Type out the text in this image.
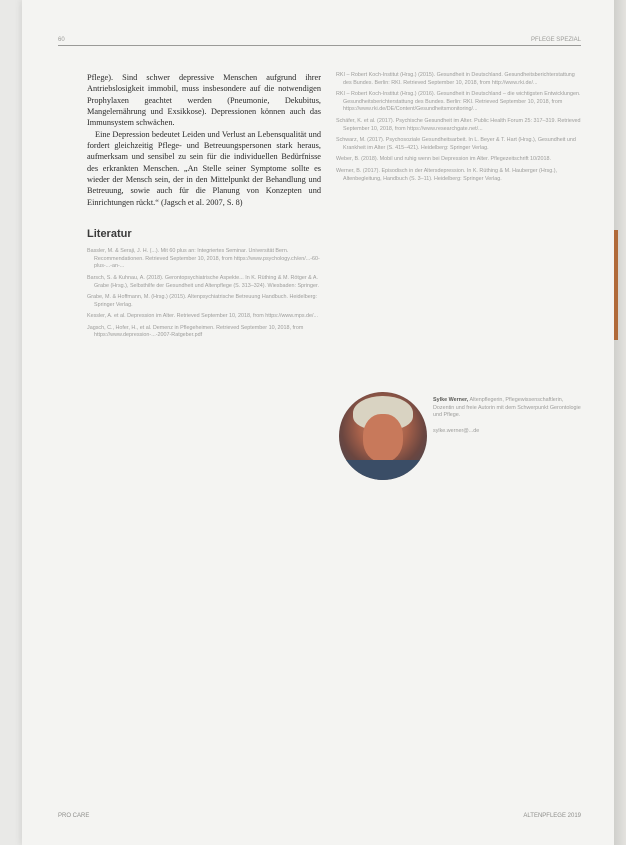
60	PFLEGE SPEZIAL

Pflege). Sind schwer depressive Menschen aufgrund ihrer Antriebslosigkeit immobil, muss insbesondere auf die notwendigen Prophylaxen geachtet werden (Pneumonie, Dekubitus, Mangelernährung und Exsikkose). Depressionen können auch das Immunsystem schwächen.

Eine Depression bedeutet Leiden und Verlust an Lebensqualität und fordert gleichzeitig Pflege- und Betreuungspersonen stark heraus, aufmerksam und sensibel zu sein für die individuellen Bedürfnisse des erkrankten Menschen. „An Stelle seiner Symptome sollte es wieder der Mensch sein, der in den Mittelpunkt der Behandlung und Betreuung, sowie auch für die Planung von Konzepten und Einrichtungen rückt.“ (Jagsch et al. 2007, S. 8)

Literatur

Bassler, M. & Seraji, J. H. (...). Mit 60 plus an: Integriertes Seminar. Universität Bern. Recommendationen. Retrieved September 10, 2018, from https://www.psychology.ch/en/...-60-plus-...-an-...

Barsch, S. & Kuhnau, A. (2018). Gerontopsychiatrische Aspekte... In K. Rüthing & M. Rötger & A. Grabe (Hrsg.), Selbsthilfe der Gesundheit und Altenpflege (S. 313–324). Wiesbaden: Springer.

Grabe, M. & Hoffmann, M. (Hrsg.) (2015). Altenpsychiatrische Betreuung Handbuch. Heidelberg: Springer Verlag.

Kessler, A. et al. Depression im Alter. Retrieved September 10, 2018, from https://www.mps.de/...

Jagsch, C., Hofer, H., et al. Demenz in Pflegeheimen. Retrieved September 10, 2018, from https://www.depression-...-2007-Ratgeber.pdf

RKI – Robert Koch-Institut (Hrsg.) (2015). Gesundheit in Deutschland. Gesundheitsberichterstattung des Bundes. Berlin: RKI. Retrieved September 10, 2018, from http://www.rki.de/...

RKI – Robert Koch-Institut (Hrsg.) (2016). Gesundheit in Deutschland – die wichtigsten Entwicklungen. Gesundheitsberichterstattung des Bundes. Berlin: RKI. Retrieved September 10, 2018, from https://www.rki.de/DE/Content/Gesundheitsmonitoring/...

Schäfer, K. et al. (2017). Psychische Gesundheit im Alter. Public Health Forum 25: 317–319. Retrieved September 10, 2018, from https://www.researchgate.net/...

Schwarz, M. (2017). Psychosoziale Gesundheitsarbeit. In L. Beyer & T. Hart (Hrsg.), Gesundheit und Krankheit im Alter (S. 415–421). Heidelberg: Springer Verlag.

Weber, B. (2018). Mobil und ruhig wenn bei Depression im Alter. Pflegezeitschrift 10/2018.

Werner, B. (2017). Episodisch in der Altersdepression. In K. Rüthing & M. Hauberger (Hrsg.), Altenbegleitung, Handbuch (S. 3–11). Heidelberg: Springer Verlag.

Sylke Werner, Altenpflegerin, Pflegewissenschaftlerin, Dozentin und freie Autorin mit dem Schwerpunkt Gerontologie und Pflege.
sylke.werner@...de
PRO CARE	ALTENPFLEGE 2019
